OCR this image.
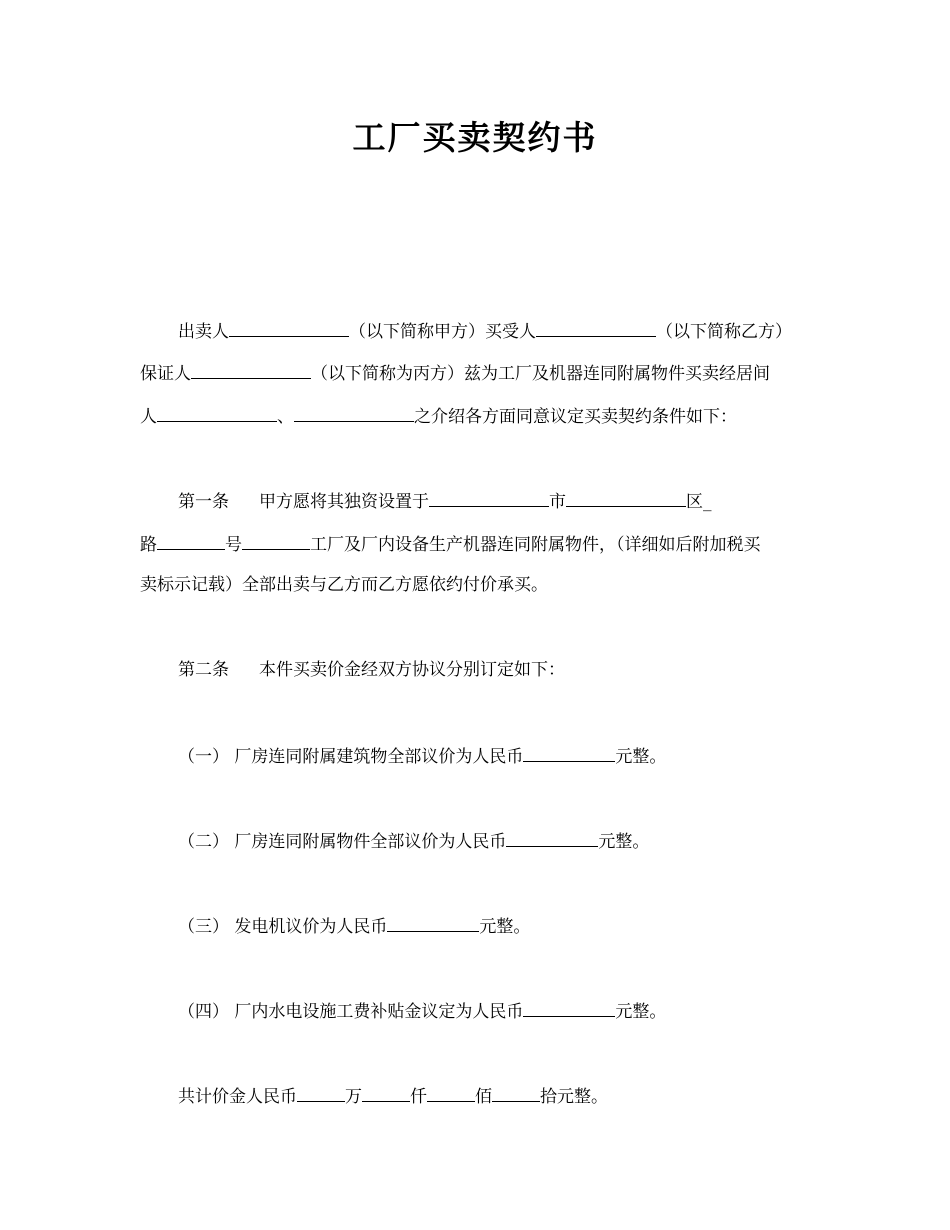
工厂买卖契约书
出卖人	（以下简称甲方）买受人	（以下简称乙方）
保证人	（以下简称为丙方）兹为工厂及机器连同附属物件买卖经居间
人	、	之介绍各方面同意议定买卖契约条件如下：
第一条 甲方愿将其独资设置于	市	区_
路	号	工厂及厂内设备生产机器连同附属物件，（详细如后附加税买
卖标示记载）全部出卖与乙方而乙方愿依约付价承买。
第二条 本件买卖价金经双方协议分别订定如下：
（一） 厂房连同附属建筑物全部议价为人民币	元整。
（二） 厂房连同附属物件全部议价为人民币	元整。
（三） 发电机议价为人民币	元整。
（四） 厂内水电设施工费补贴金议定为人民币	元整。
共计价金人民币	万	仟	佰	拾元整。
